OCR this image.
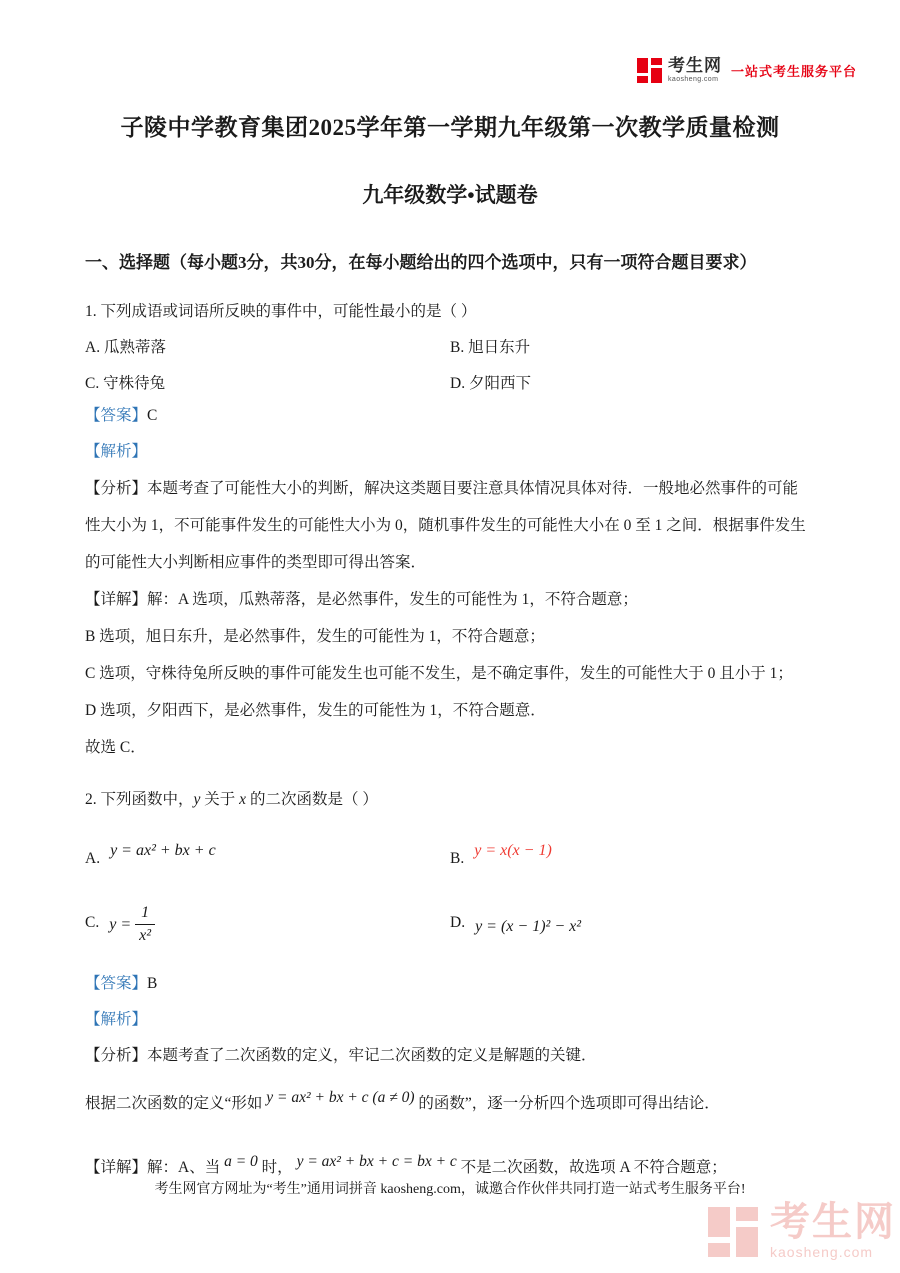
考生网
kaosheng.com
一站式考生服务平台
子陵中学教育集团2025学年第一学期九年级第一次教学质量检测
九年级数学•试题卷
一、选择题（每小题3分，共30分，在每小题给出的四个选项中，只有一项符合题目要求）
1. 下列成语或词语所反映的事件中，可能性最小的是（ ）
A. 瓜熟蒂落	B. 旭日东升
C. 守株待兔	D. 夕阳西下
【答案】C
【解析】
【分析】本题考查了可能性大小的判断，解决这类题目要注意具体情况具体对待．一般地必然事件的可能
性大小为 1，不可能事件发生的可能性大小为 0，随机事件发生的可能性大小在 0 至 1 之间．根据事件发生
的可能性大小判断相应事件的类型即可得出答案．
【详解】解：A 选项，瓜熟蒂落，是必然事件，发生的可能性为 1，不符合题意；
B 选项，旭日东升，是必然事件，发生的可能性为 1，不符合题意；
C 选项，守株待兔所反映的事件可能发生也可能不发生，是不确定事件，发生的可能性大于 0 且小于 1；
D 选项，夕阳西下，是必然事件，发生的可能性为 1，不符合题意．
故选 C．
2. 下列函数中，y 关于 x 的二次函数是（ ）
A. y = ax² + bx + c	B. y = x(x − 1)
C. y =
$\frac{1}{\text{x²}}$	D. y = (x − 1)² − x²
【答案】B
【解析】
【分析】本题考查了二次函数的定义，牢记二次函数的定义是解题的关键．
根据二次函数的定义“形如 y = ax² + bx + c (a ≠ 0) 的函数”，逐一分析四个选项即可得出结论．
【详解】解：A、当 a = 0 时， y = ax² + bx + c = bx + c 不是二次函数，故选项 A 不符合题意；
考生网官方网址为“考生”通用词拼音 kaosheng.com，诚邀合作伙伴共同打造一站式考生服务平台!
考生网
kaosheng.com
